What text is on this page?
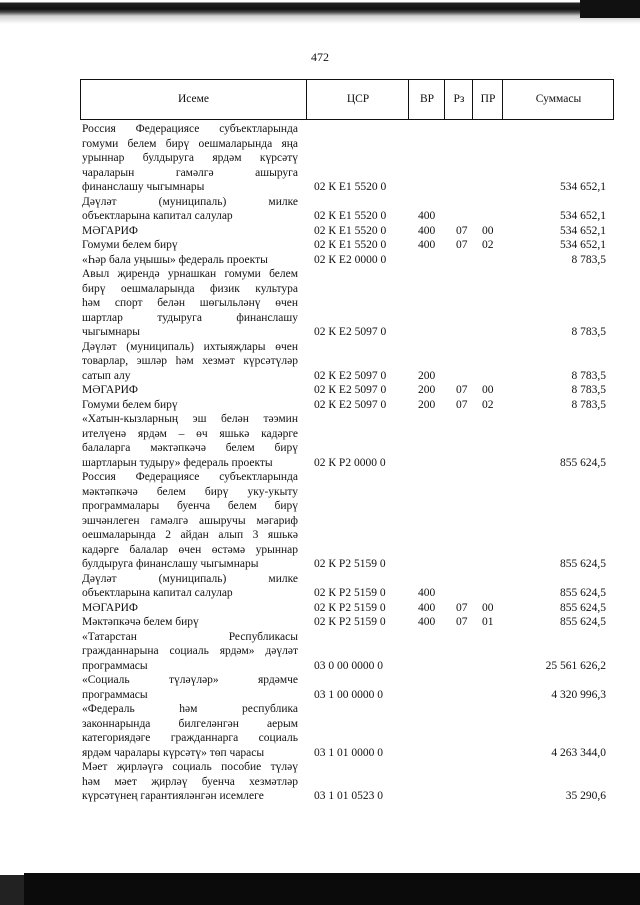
472
Исеме	ЦСР	ВР	Рз	ПР	Суммасы
Россия Федерациясе субъектларында
гомуми белем бирү оешмаларында яңа
урыннар булдыруга ярдәм күрсәтү
чараларын гамәлгә ашыруга
финанслашу чыгымнары	02 К Е1 5520 0	534 652,1
Дәүләт (муниципаль) милке
объектларына капитал салулар	02 К Е1 5520 0	400	534 652,1
МӘГАРИФ	02 К Е1 5520 0	400 07 00	534 652,1
Гомуми белем бирү	02 К Е1 5520 0	400 07 02	534 652,1
«Һәр бала уңышы» федераль проекты	02 К Е2 0000 0	8 783,5
Авыл җирендә урнашкан гомуми белем
бирү оешмаларында физик культура
һәм спорт белән шөгыльләнү өчен
шартлар тудыруга финанслашу
чыгымнары	02 К Е2 5097 0	8 783,5
Дәүләт (муниципаль) ихтыяҗлары өчен
товарлар, эшләр һәм хезмәт күрсәтүләр
сатып алу	02 К Е2 5097 0	200	8 783,5
МӘГАРИФ	02 К Е2 5097 0	200 07 00	8 783,5
Гомуми белем бирү	02 К Е2 5097 0	200 07 02	8 783,5
«Хатын-кызларның эш белән тәэмин
ителүенә ярдәм – өч яшькә кадәрге
балаларга мәктәпкәчә белем бирү
шартларын тудыру» федераль проекты	02 К Р2 0000 0	855 624,5
Россия Федерациясе субъектларында
мәктәпкәчә белем бирү уку-укыту
программалары буенча белем бирү
эшчәнлеген гамәлгә ашыручы мәгариф
оешмаларында 2 айдан алып 3 яшькә
кадәрге балалар өчен өстәмә урыннар
булдыруга финанслашу чыгымнары	02 К Р2 5159 0	855 624,5
Дәүләт (муниципаль) милке
объектларына капитал салулар	02 К Р2 5159 0	400	855 624,5
МӘГАРИФ	02 К Р2 5159 0	400 07 00	855 624,5
Мәктәпкәчә белем бирү	02 К Р2 5159 0	400 07 01	855 624,5
«Татарстан Республикасы
гражданнарына социаль ярдәм» дәүләт
программасы	03 0 00 0000 0	25 561 626,2
«Социаль түләүләр» ярдәмче
программасы	03 1 00 0000 0	4 320 996,3
«Федераль һәм республика
законнарында билгеләнгән аерым
категориядәге гражданнарга социаль
ярдәм чаралары күрсәтү» төп чарасы	03 1 01 0000 0	4 263 344,0
Мәет җирләүгә социаль пособие түләү
һәм мәет җирләү буенча хезмәтләр
күрсәтүнең гарантияләнгән исемлеге	03 1 01 0523 0	35 290,6
